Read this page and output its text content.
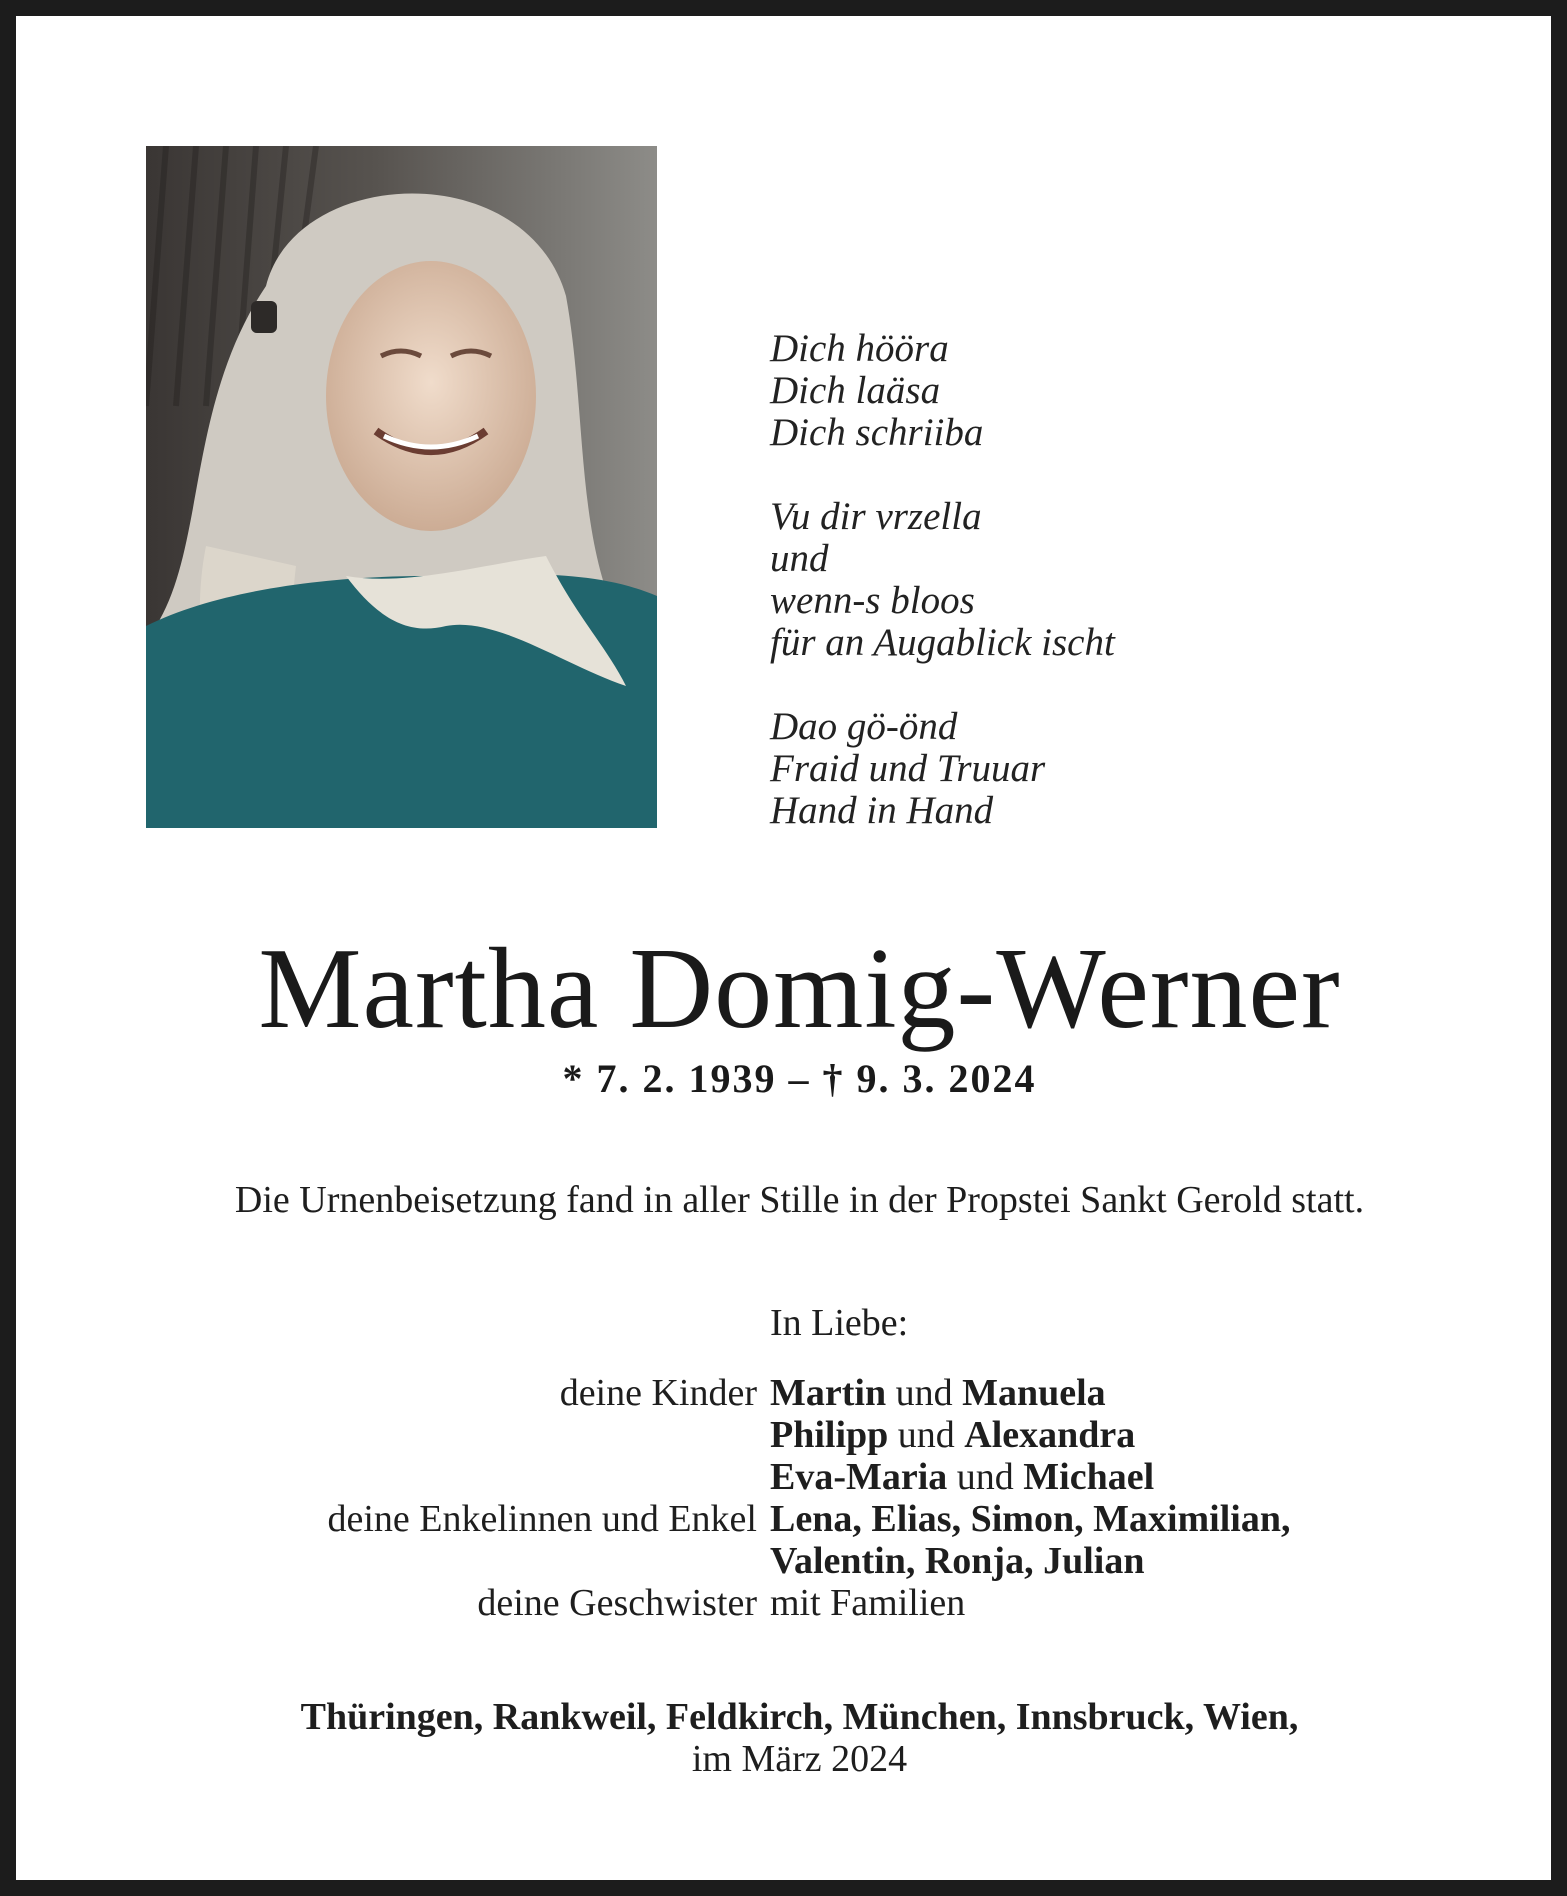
Dich hööra
Dich laäsa
Dich schriiba
Vu dir vrzella
und
wenn-s bloos
für an Augablick ischt
Dao gö-önd
Fraid und Truuar
Hand in Hand
Martha Domig-Werner
* 7. 2. 1939 – † 9. 3. 2024
Die Urnenbeisetzung fand in aller Stille in der Propstei Sankt Gerold statt.
In Liebe:
deine Kinder Martin und Manuela
Philipp und Alexandra
Eva-Maria und Michael
deine Enkelinnen und Enkel Lena, Elias, Simon, Maximilian,
Valentin, Ronja, Julian
deine Geschwister mit Familien
Thüringen, Rankweil, Feldkirch, München, Innsbruck, Wien,
im März 2024
